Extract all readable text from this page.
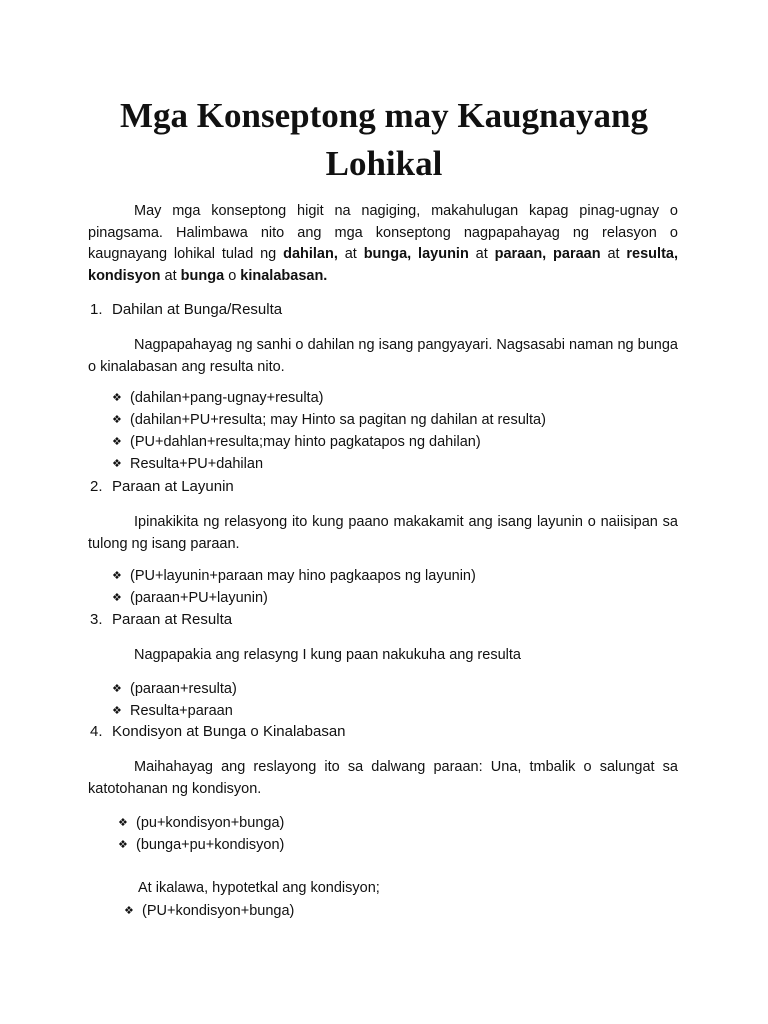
Mga Konseptong may Kaugnayang
Lohikal

May mga konseptong higit na nagiging, makahulugan kapag pinag-ugnay o pinagsama. Halimbawa nito ang mga konseptong nagpapahayag ng relasyon o kaugnayang lohikal tulad ng dahilan, at bunga, layunin at paraan, paraan at resulta, kondisyon at bunga o kinalabasan.

1. Dahilan at Bunga/Resulta

Nagpapahayag ng sanhi o dahilan ng isang pangyayari. Nagsasabi naman ng bunga o kinalabasan ang resulta nito.

❖ (dahilan+pang-ugnay+resulta)
❖ (dahilan+PU+resulta; may Hinto sa pagitan ng dahilan at resulta)
❖ (PU+dahlan+resulta;may hinto pagkatapos ng dahilan)
❖ Resulta+PU+dahilan

2. Paraan at Layunin

Ipinakikita ng relasyong ito kung paano makakamit ang isang layunin o naiisipan sa tulong ng isang paraan.

❖ (PU+layunin+paraan may hino pagkaapos ng layunin)
❖ (paraan+PU+layunin)

3. Paraan at Resulta

Nagpapakia ang relasyng I kung paan nakukuha ang resulta

❖ (paraan+resulta)
❖ Resulta+paraan

4. Kondisyon at Bunga o Kinalabasan

Maihahayag ang reslayong ito sa dalwang paraan: Una, tmbalik o salungat sa katotohanan ng kondisyon.

❖ (pu+kondisyon+bunga)
❖ (bunga+pu+kondisyon)

At ikalawa, hypotetkal ang kondisyon;

❖ (PU+kondisyon+bunga)
